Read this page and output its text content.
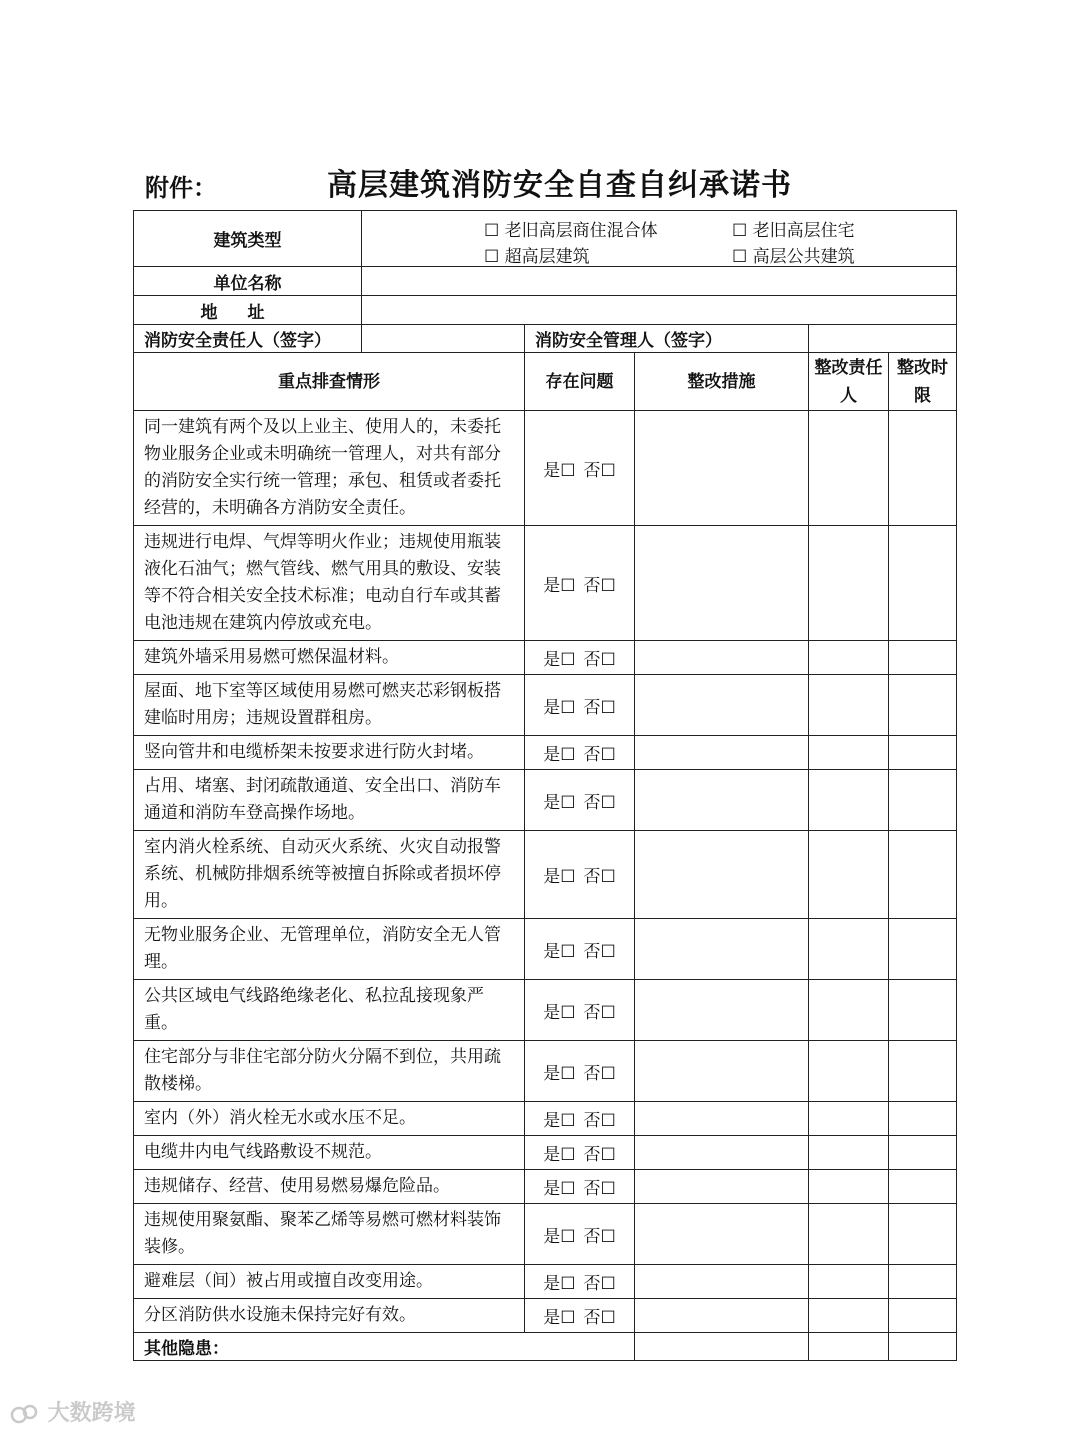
附件：	高层建筑消防安全自查自纠承诺书
建筑类型	☐ 老旧高层商住混合体 ☐ 老旧高层住宅
☐ 超高层建筑 ☐ 高层公共建筑				

单位名称					
地址					
消防安全责任人（签字）		消防安全管理人（签字）			
重点排查情形		存在问题	整改措施	整改责任人	整改时限
同一建筑有两个及以上业主、使用人的，未委托物业服务企业或未明确统一管理人，对共有部分的消防安全实行统一管理；承包、租赁或者委托经营的，未明确各方消防安全责任。		是☐ 否☐			
违规进行电焊、气焊等明火作业；违规使用瓶装液化石油气；燃气管线、燃气用具的敷设、安装等不符合相关安全技术标准；电动自行车或其蓄电池违规在建筑内停放或充电。		是☐ 否☐			
建筑外墙采用易燃可燃保温材料。		是☐ 否☐			
屋面、地下室等区域使用易燃可燃夹芯彩钢板搭建临时用房；违规设置群租房。		是☐ 否☐			
竖向管井和电缆桥架未按要求进行防火封堵。		是☐ 否☐			
占用、堵塞、封闭疏散通道、安全出口、消防车通道和消防车登高操作场地。		是☐ 否☐			
室内消火栓系统、自动灭火系统、火灾自动报警系统、机械防排烟系统等被擅自拆除或者损坏停用。		是☐ 否☐			
无物业服务企业、无管理单位，消防安全无人管理。		是☐ 否☐			
公共区域电气线路绝缘老化、私拉乱接现象严重。		是☐ 否☐			
住宅部分与非住宅部分防火分隔不到位，共用疏散楼梯。		是☐ 否☐			
室内（外）消火栓无水或水压不足。		是☐ 否☐			
电缆井内电气线路敷设不规范。		是☐ 否☐			
违规储存、经营、使用易燃易爆危险品。		是☐ 否☐			
违规使用聚氨酯、聚苯乙烯等易燃可燃材料装饰装修。		是☐ 否☐			
避难层（间）被占用或擅自改变用途。		是☐ 否☐			
分区消防供水设施未保持完好有效。		是☐ 否☐			
其他隐患：					
大数跨境
